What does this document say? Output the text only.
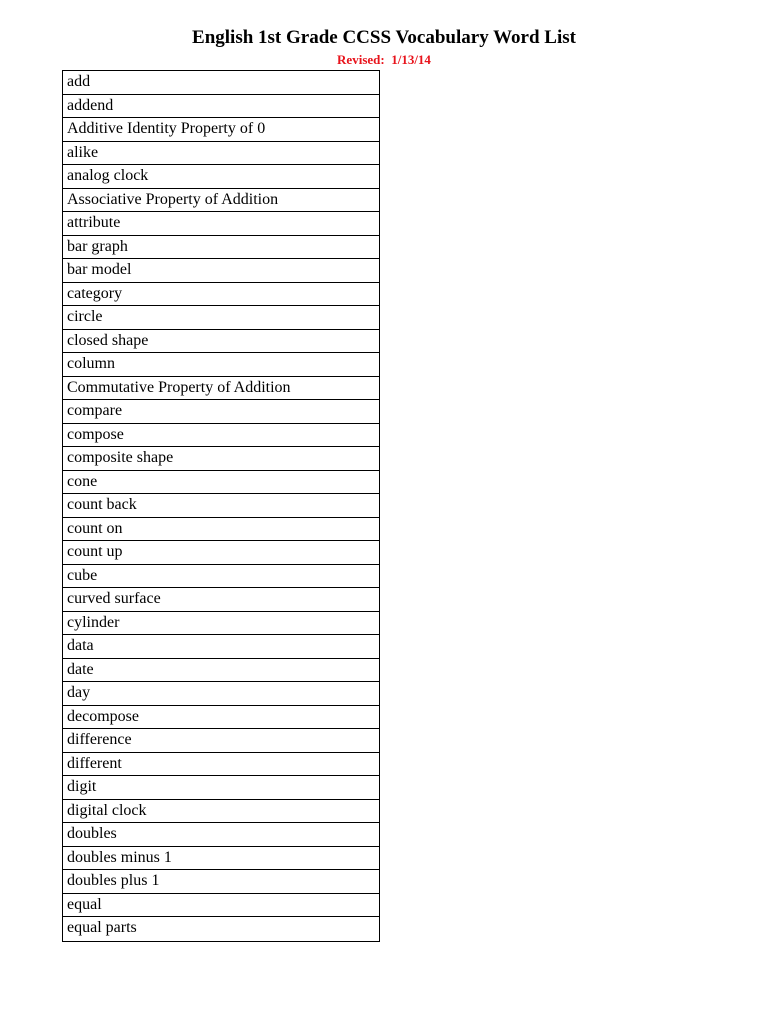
English 1st Grade CCSS Vocabulary Word List
Revised:  1/13/14
add
addend
Additive Identity Property of 0
alike
analog clock
Associative Property of Addition
attribute
bar graph
bar model
category
circle
closed shape
column
Commutative Property of Addition
compare
compose
composite shape
cone
count back
count on
count up
cube
curved surface
cylinder
data
date
day
decompose
difference
different
digit
digital clock
doubles
doubles minus 1
doubles plus 1
equal
equal parts
